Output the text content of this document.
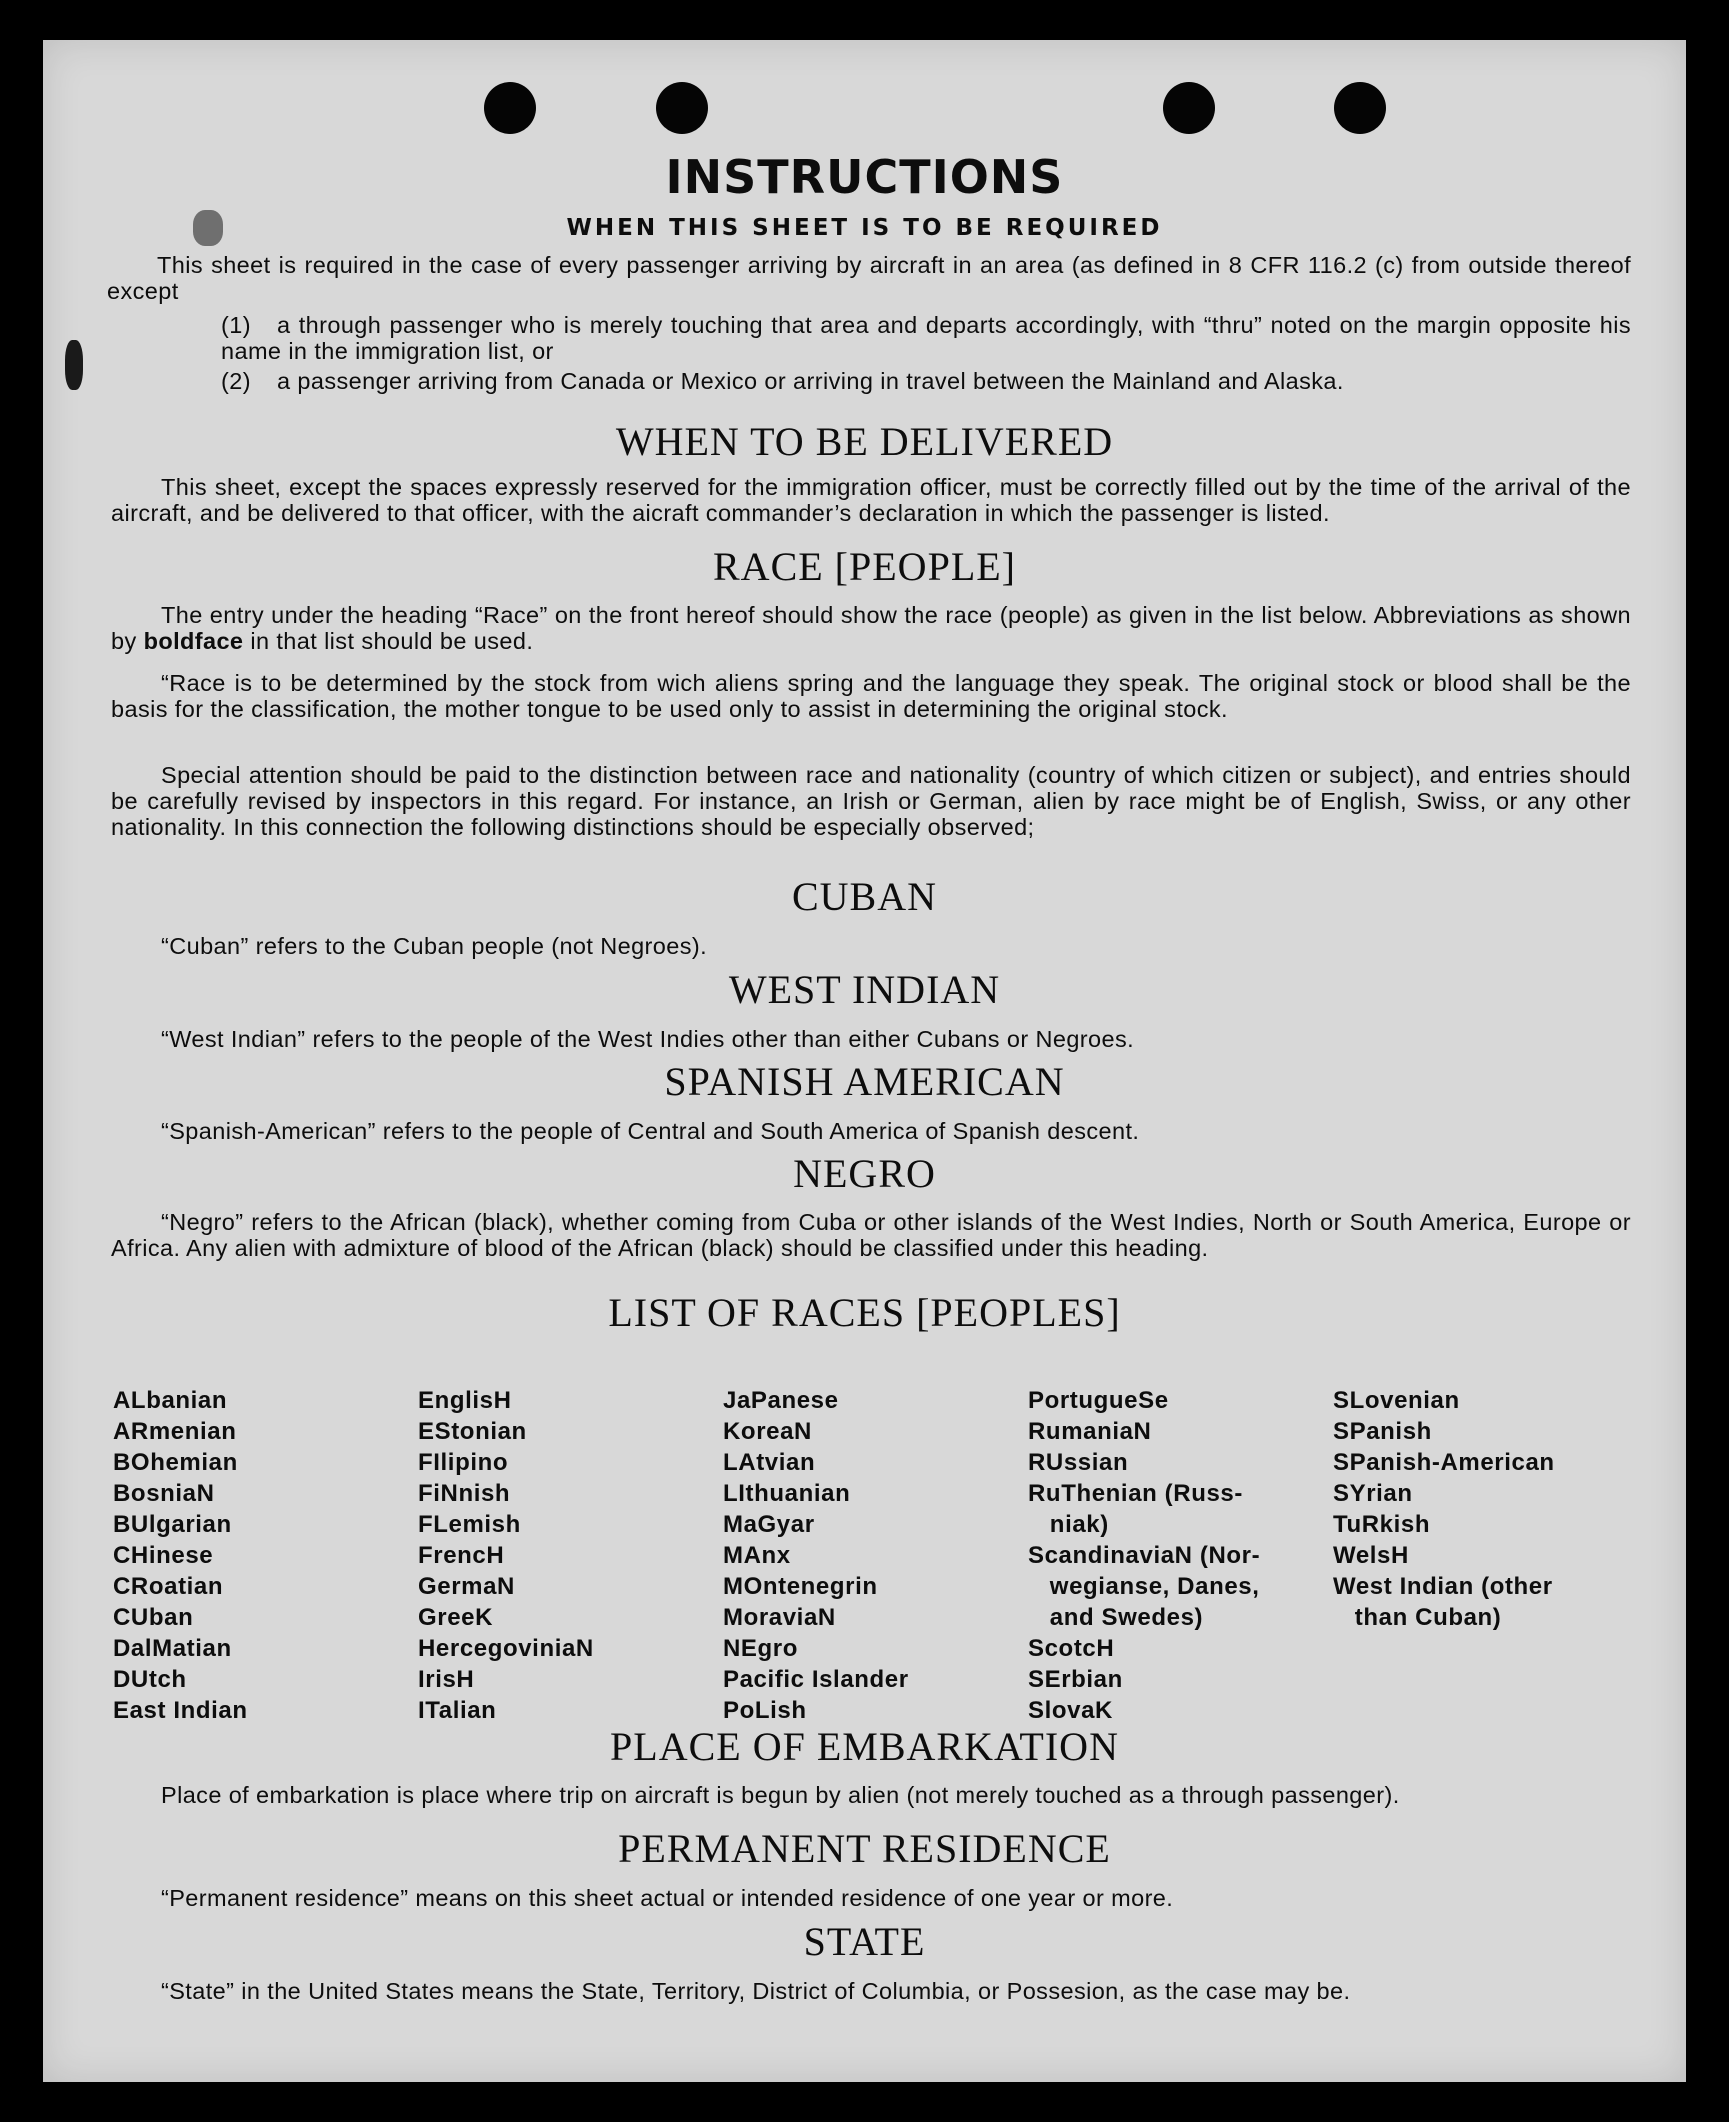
INSTRUCTIONS
WHEN THIS SHEET IS TO BE REQUIRED
This sheet is required in the case of every passenger arriving by aircraft in an area (as defined in 8 CFR 116.2 (c) from outside thereof except
(1) a through passenger who is merely touching that area and departs accordingly, with “thru” noted on the margin opposite his name in the immigration list, or
(2) a passenger arriving from Canada or Mexico or arriving in travel between the Mainland and Alaska.
WHEN TO BE DELIVERED
This sheet, except the spaces expressly reserved for the immigration officer, must be correctly filled out by the time of the arrival of the aircraft, and be delivered to that officer, with the aicraft commander’s declaration in which the passenger is listed.
RACE [PEOPLE]
The entry under the heading “Race” on the front hereof should show the race (people) as given in the list below. Abbreviations as shown by boldface in that list should be used.
“Race is to be determined by the stock from wich aliens spring and the language they speak. The original stock or blood shall be the basis for the classification, the mother tongue to be used only to assist in determining the original stock.
Special attention should be paid to the distinction between race and nationality (country of which citizen or subject), and entries should be carefully revised by inspectors in this regard. For instance, an Irish or German, alien by race might be of English, Swiss, or any other nationality. In this connection the following distinctions should be especially observed;
CUBAN
“Cuban” refers to the Cuban people (not Negroes).
WEST INDIAN
“West Indian” refers to the people of the West Indies other than either Cubans or Negroes.
SPANISH AMERICAN
“Spanish-American” refers to the people of Central and South America of Spanish descent.
NEGRO
“Negro” refers to the African (black), whether coming from Cuba or other islands of the West Indies, North or South America, Europe or Africa. Any alien with admixture of blood of the African (black) should be classified under this heading.
LIST OF RACES [PEOPLES]
ALbanian
ARmenian
BOhemian
BosniaN
BUlgarian
CHinese
CRoatian
CUban
DalMatian
DUtch
East Indian
EnglisH
EStonian
FIlipino
FiNnish
FLemish
FrencH
GermaN
GreeK
HercegoviniaN
IrisH
ITalian
JaPanese
KoreaN
LAtvian
LIthuanian
MaGyar
MAnx
MOntenegrin
MoraviaN
NEgro
Pacific Islander
PoLish
PortugueSe
RumaniaN
RUssian
RuThenian (Russ-
niak)
ScandinaviaN (Nor-
wegianse, Danes,
and Swedes)
ScotcH
SErbian
SlovaK
SLovenian
SPanish
SPanish-American
SYrian
TuRkish
WelsH
West Indian (other
than Cuban)
PLACE OF EMBARKATION
Place of embarkation is place where trip on aircraft is begun by alien (not merely touched as a through passenger).
PERMANENT RESIDENCE
“Permanent residence” means on this sheet actual or intended residence of one year or more.
STATE
“State” in the United States means the State, Territory, District of Columbia, or Possesion, as the case may be.
